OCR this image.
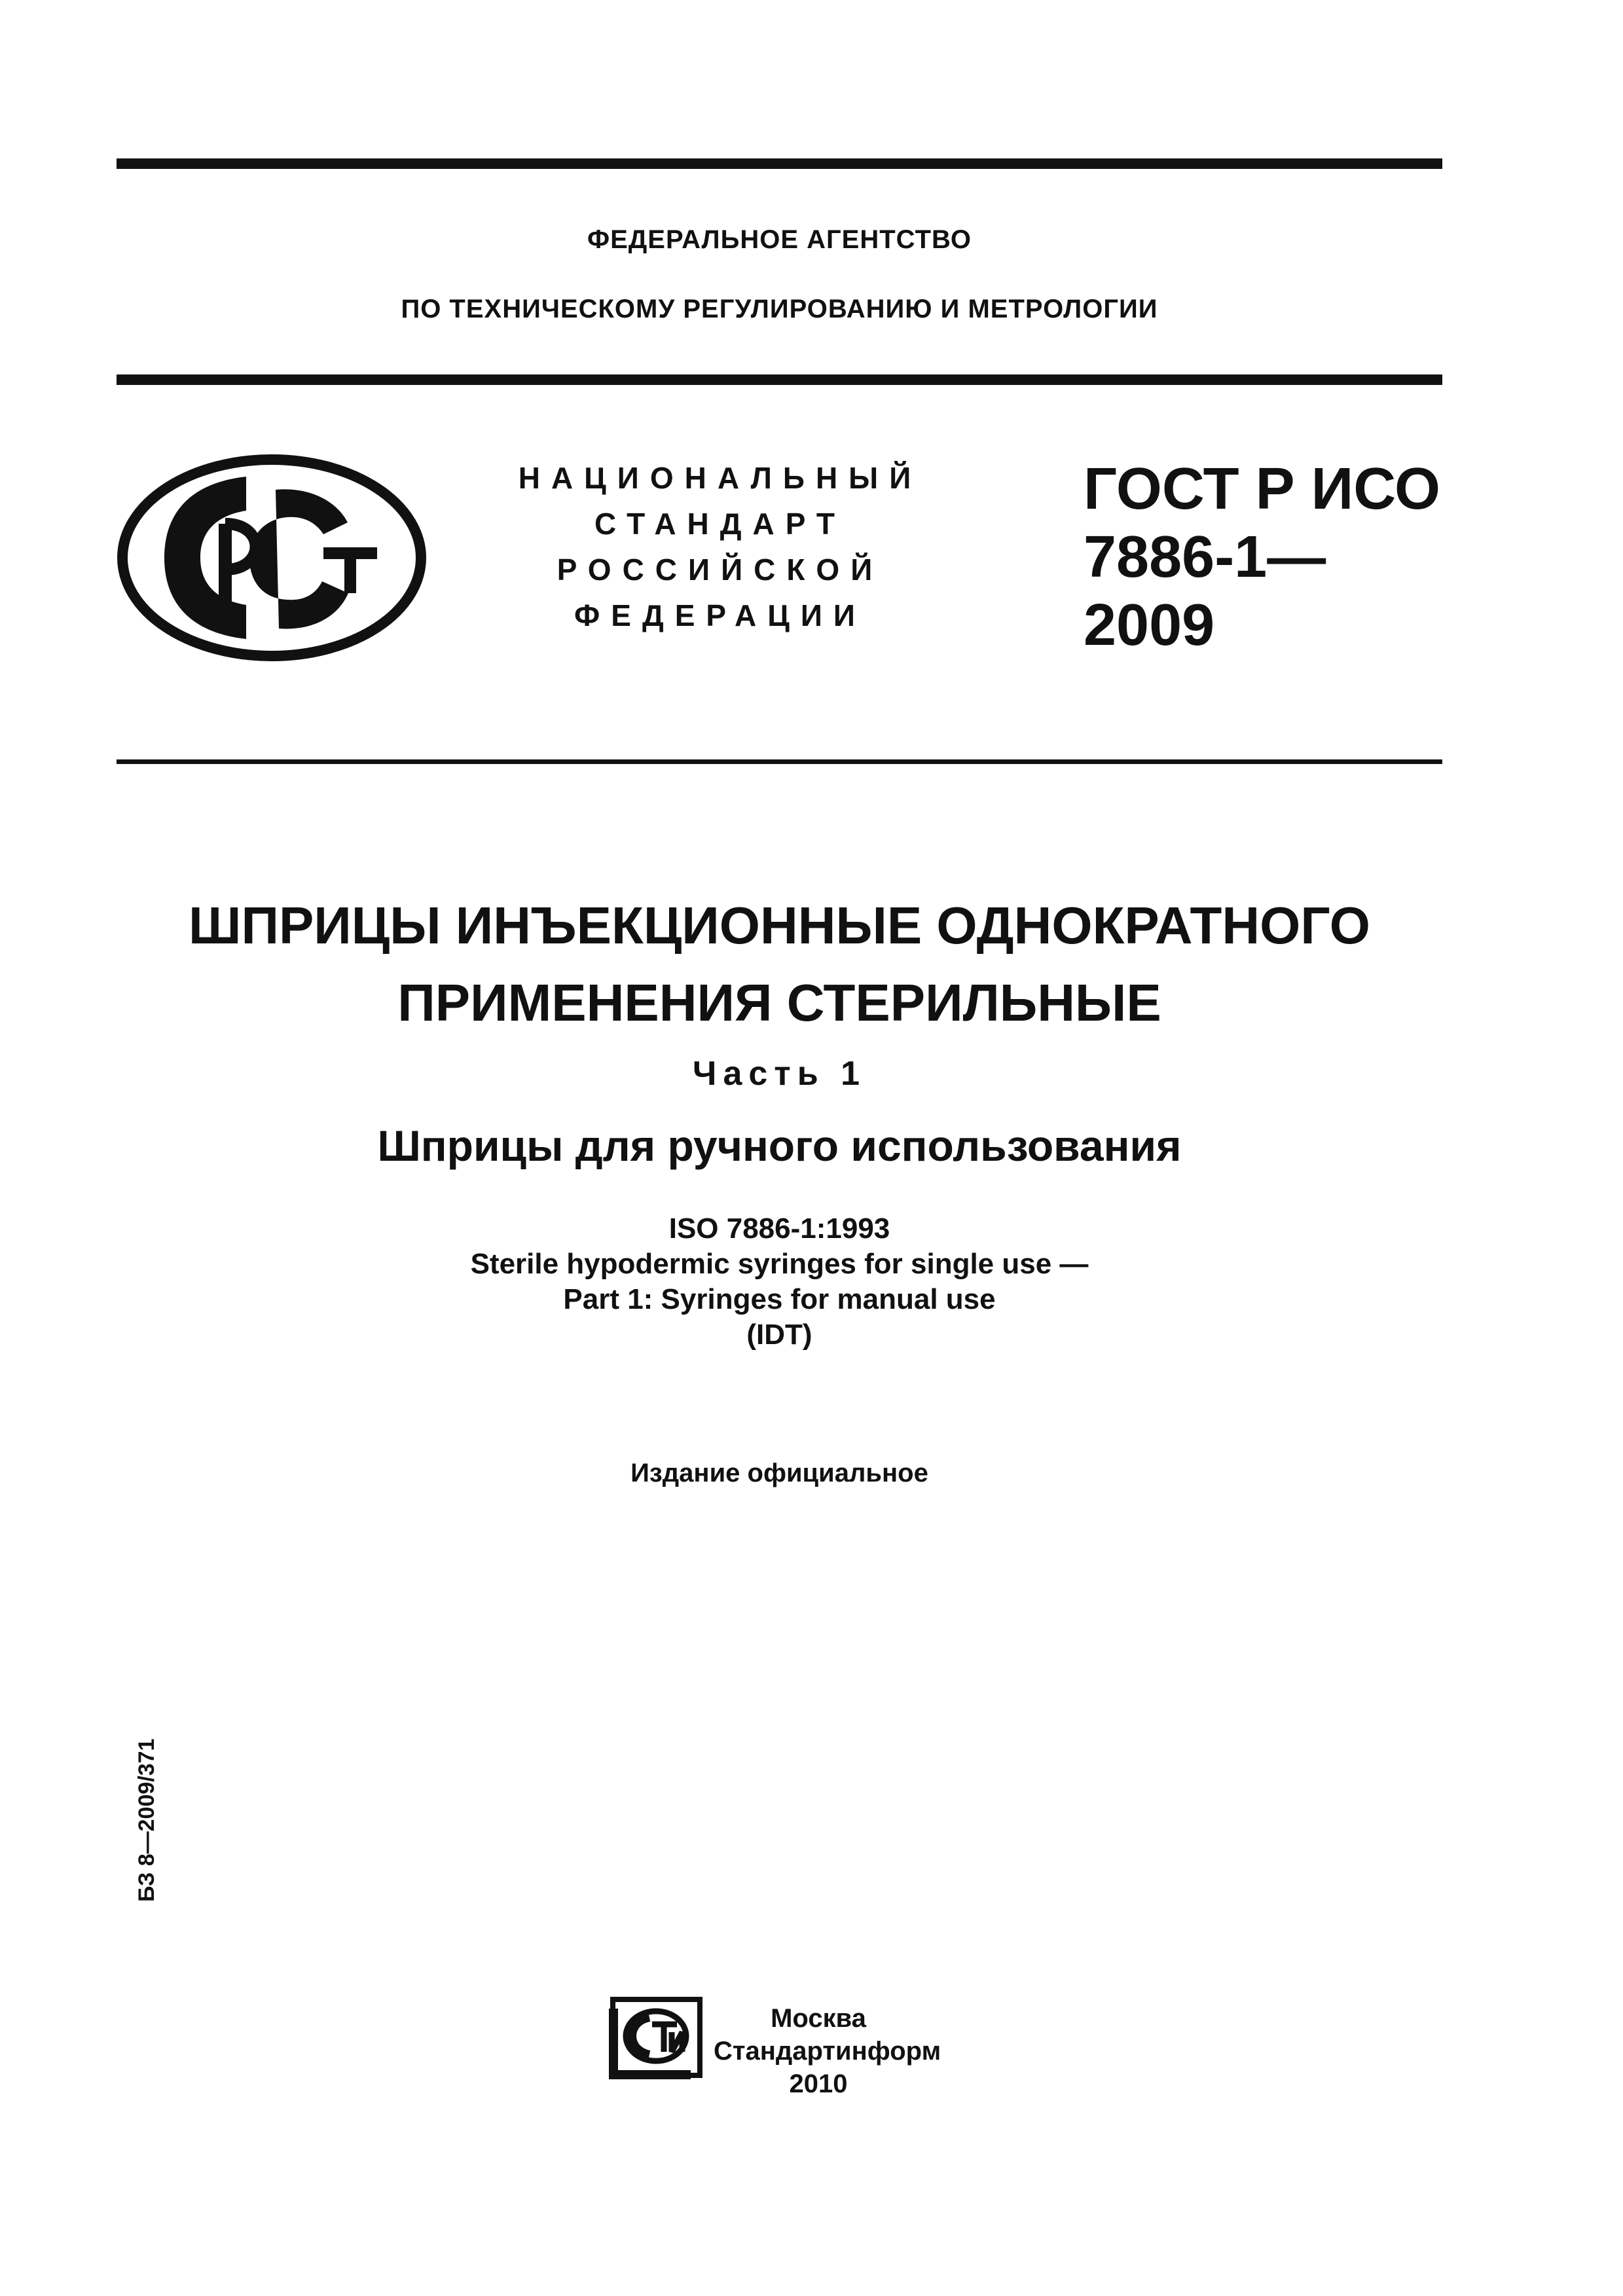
ФЕДЕРАЛЬНОЕ АГЕНТСТВО
ПО ТЕХНИЧЕСКОМУ РЕГУЛИРОВАНИЮ И МЕТРОЛОГИИ
НАЦИОНАЛЬНЫЙ
СТАНДАРТ
РОССИЙСКОЙ
ФЕДЕРАЦИИ
ГОСТ Р ИСО
7886-1—
2009
ШПРИЦЫ ИНЪЕКЦИОННЫЕ ОДНОКРАТНОГО
ПРИМЕНЕНИЯ СТЕРИЛЬНЫЕ
Часть 1
Шприцы для ручного использования
ISO 7886-1:1993
Sterile hypodermic syringes for single use —
Part 1: Syringes for manual use
(IDT)
Издание официальное
БЗ 8—2009/371
Москва
Стандартинформ
2010
